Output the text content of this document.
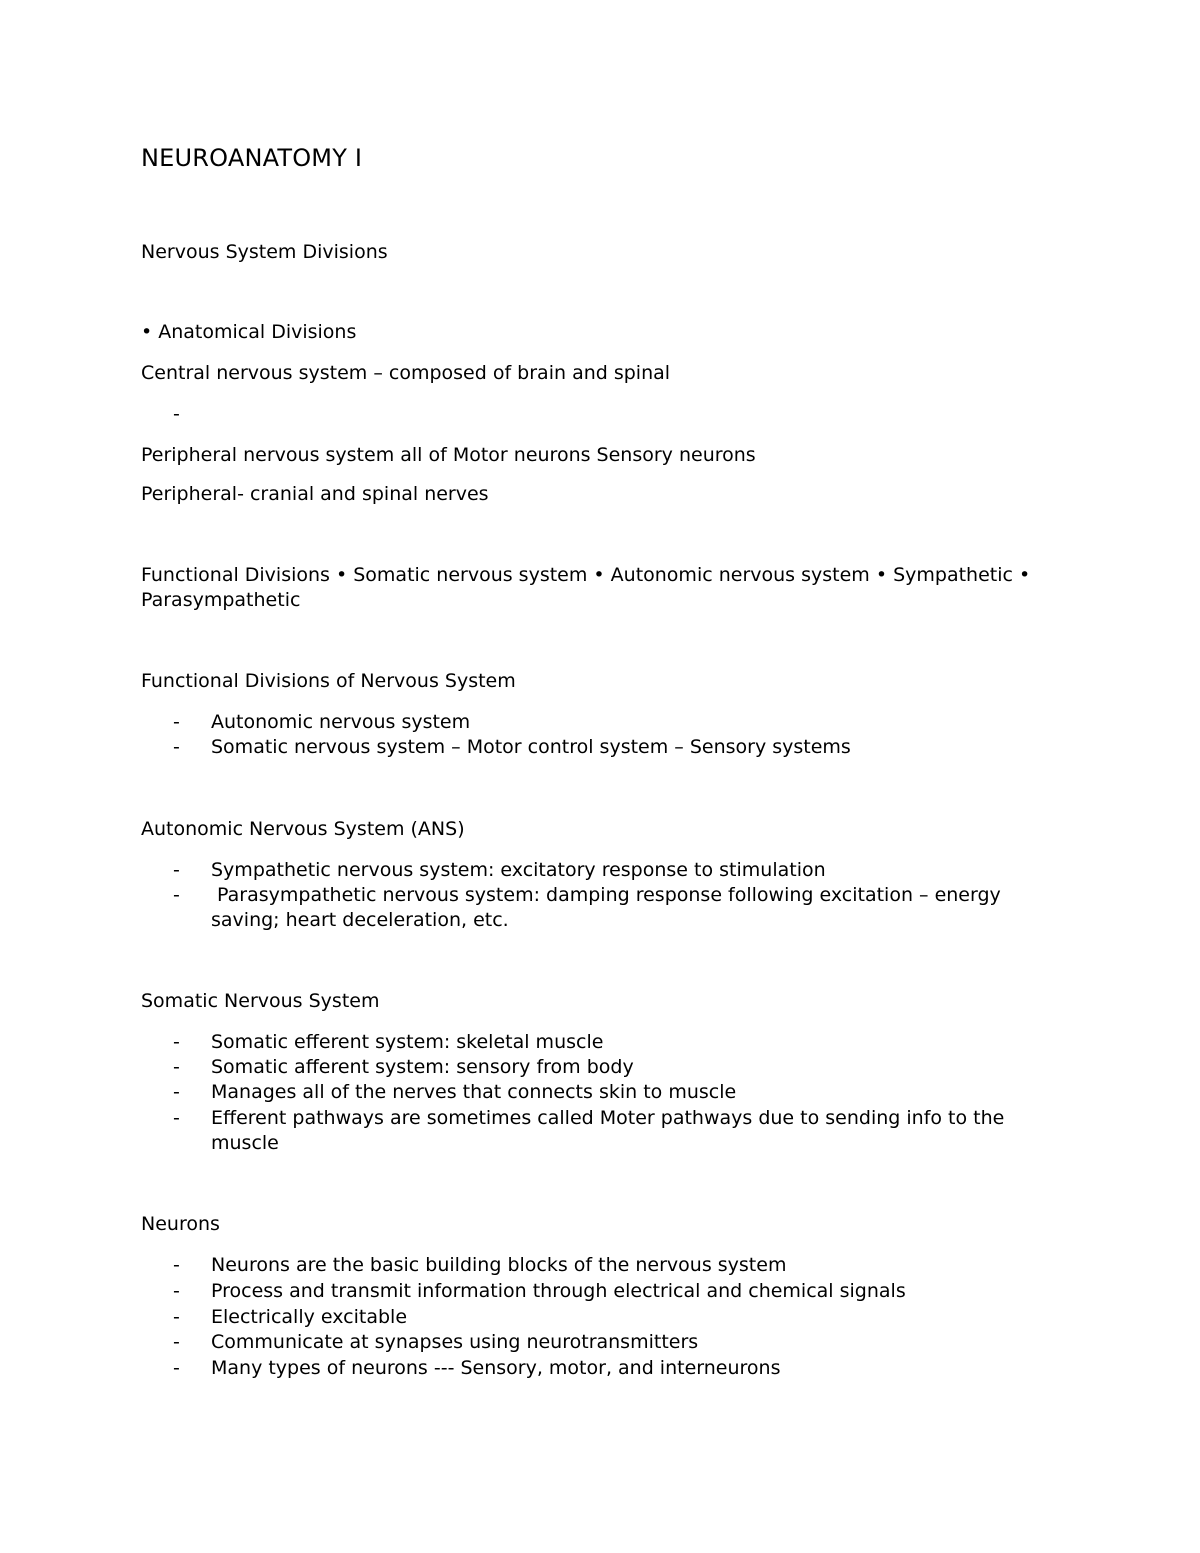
NEUROANATOMY I
Nervous System Divisions
• Anatomical Divisions
Central nervous system – composed of brain and spinal
-
Peripheral nervous system all of Motor neurons Sensory neurons
Peripheral- cranial and spinal nerves
Functional Divisions • Somatic nervous system • Autonomic nervous system • Sympathetic • Parasympathetic
Functional Divisions of Nervous System
- Autonomic nervous system
- Somatic nervous system – Motor control system – Sensory systems
Autonomic Nervous System (ANS)
- Sympathetic nervous system: excitatory response to stimulation
- Parasympathetic nervous system: damping response following excitation – energy saving; heart deceleration, etc.
Somatic Nervous System
- Somatic efferent system: skeletal muscle
- Somatic afferent system: sensory from body
- Manages all of the nerves that connects skin to muscle
- Efferent pathways are sometimes called Moter pathways due to sending info to the muscle
Neurons
- Neurons are the basic building blocks of the nervous system
- Process and transmit information through electrical and chemical signals
- Electrically excitable
- Communicate at synapses using neurotransmitters
- Many types of neurons --- Sensory, motor, and interneurons
